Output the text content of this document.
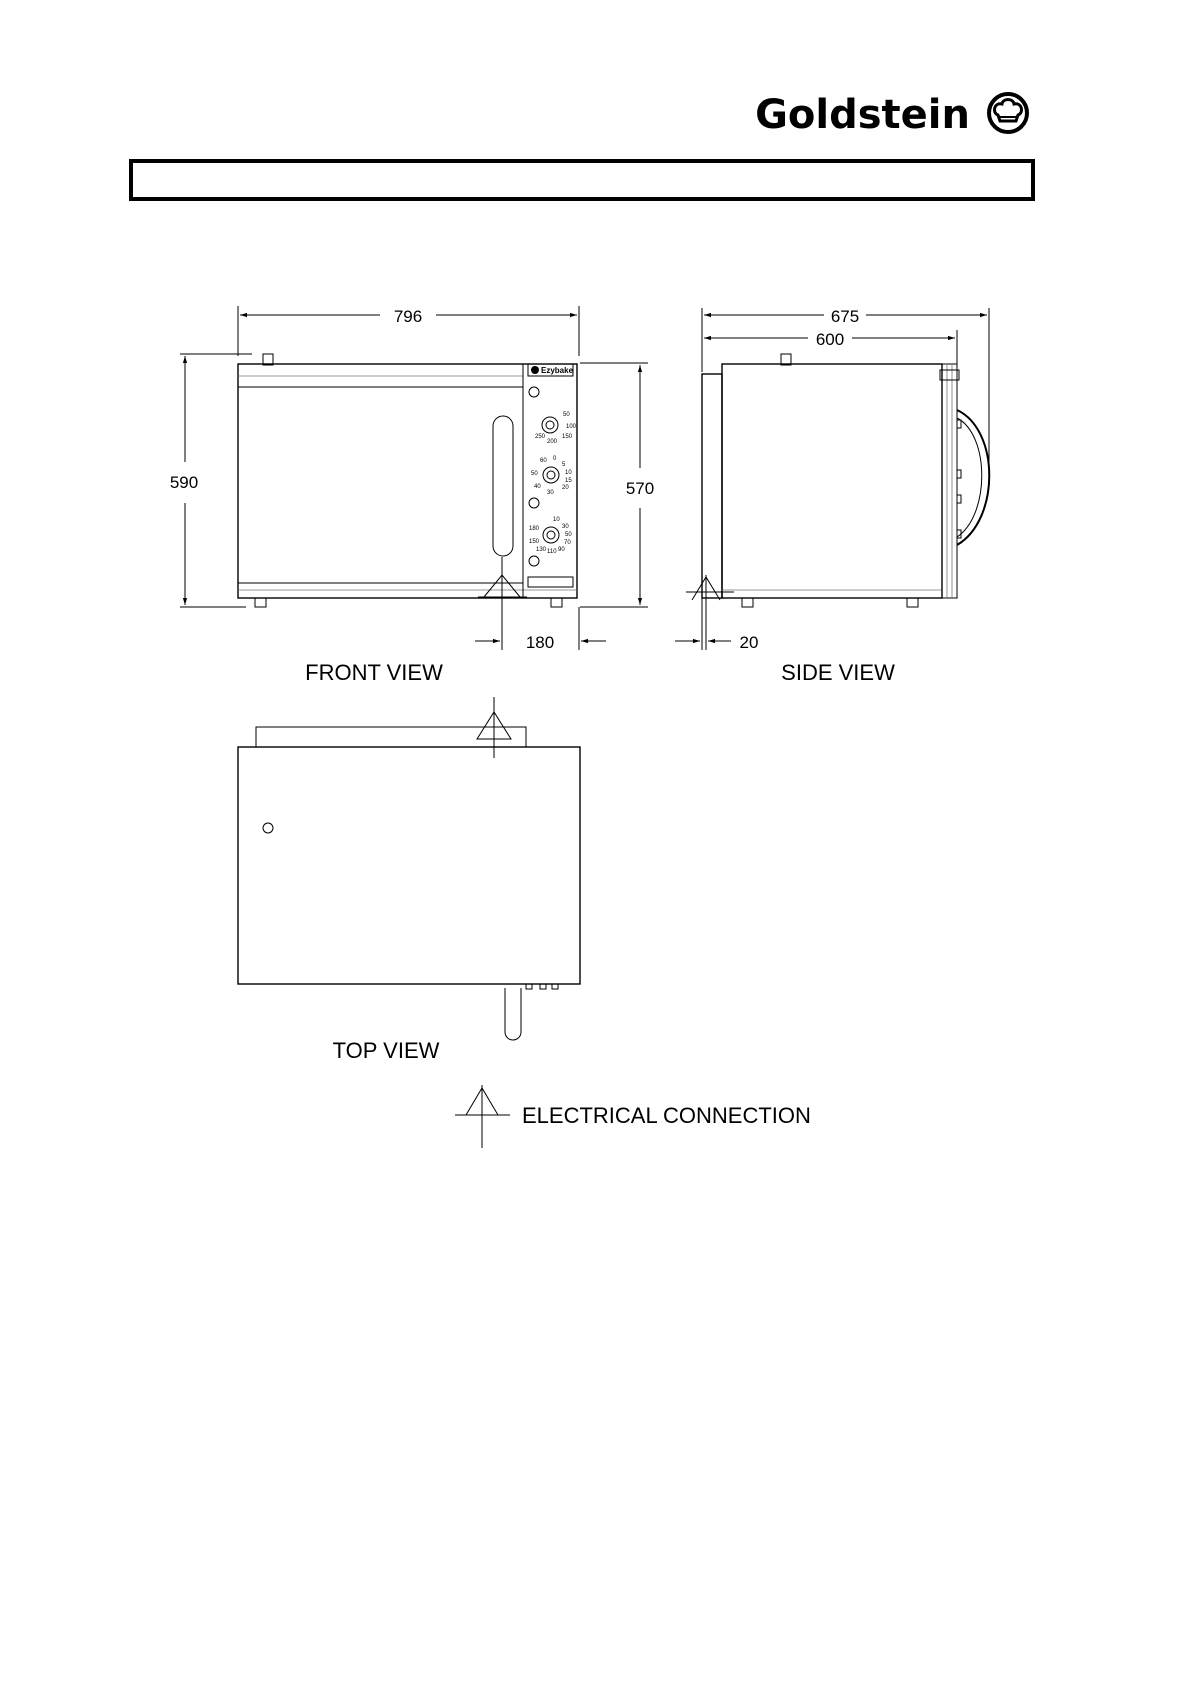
Goldstein
796
590	570
Ezybake
50
100
150
200
250
60 0
5
10
15
20
30
40
50
180
10
30
50
70
90
110
130
150
180
FRONT VIEW
675
600
20
SIDE VIEW
TOP VIEW
ELECTRICAL CONNECTION
